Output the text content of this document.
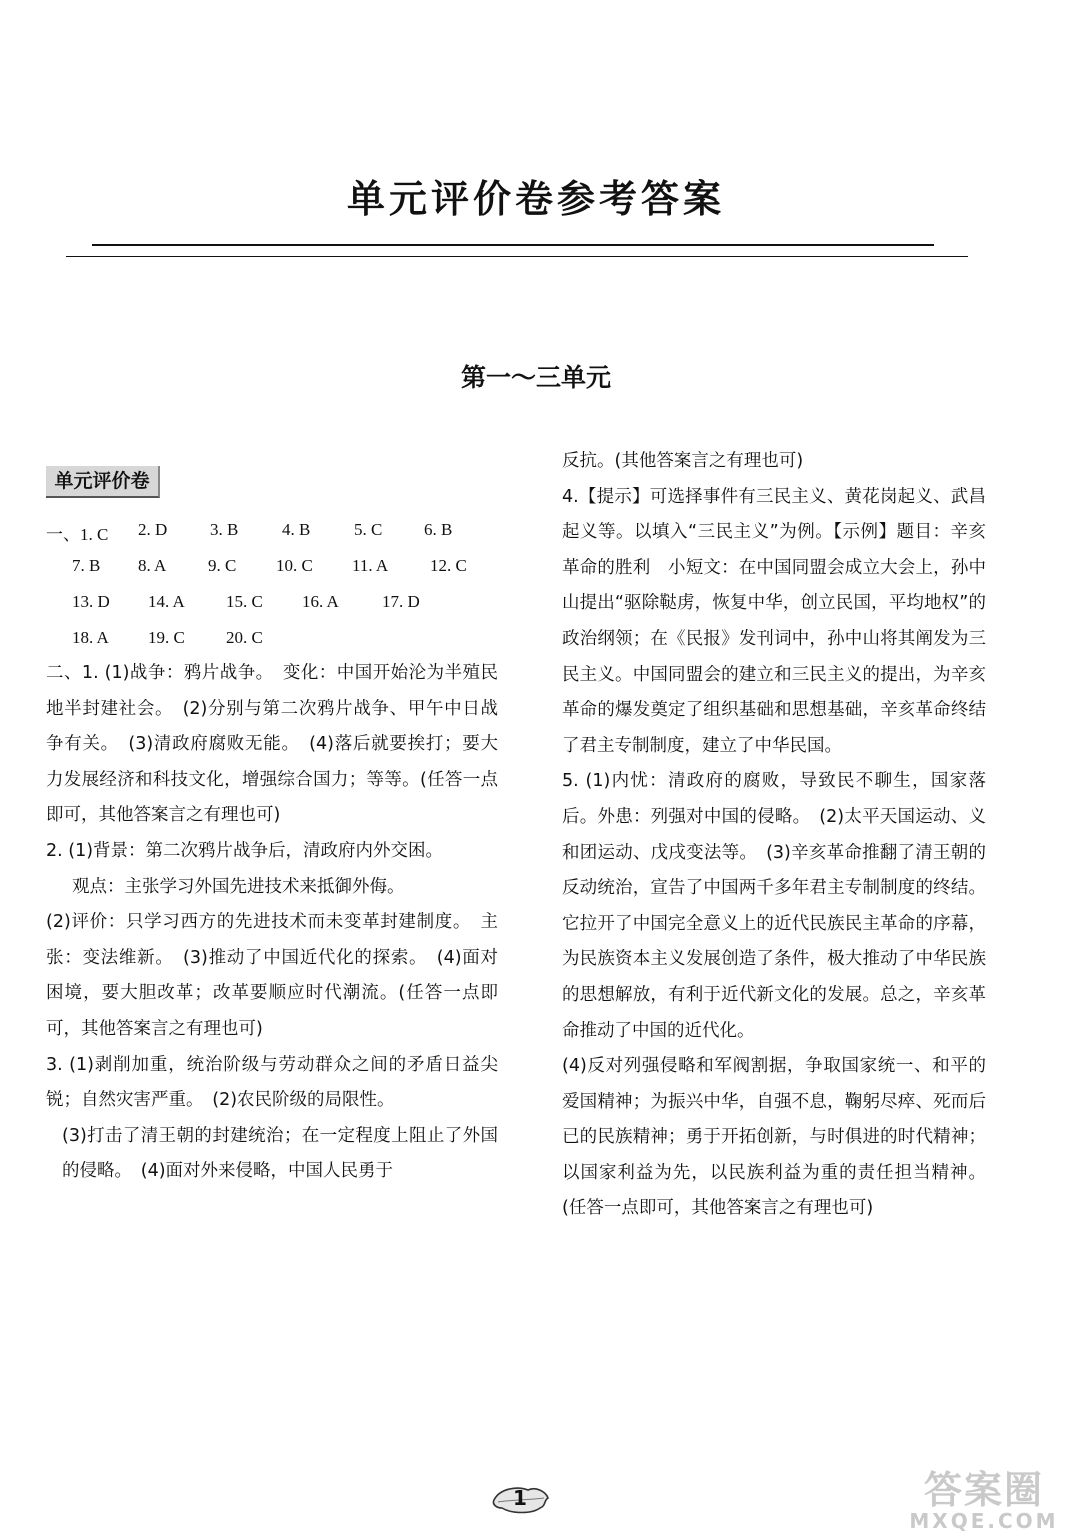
单元评价卷参考答案
第一～三单元
单元评价卷
一、1. C 2. D	3. B	4. B	5. C 6. B
7. B 8. A 9. C 10. C 11. A 12. C
13. D 14. A 15. C 16. A	17. D
18. A 19. C 20. C

二、1. (1)战争：鸦片战争。　变化：中国开始沦为半殖民地半封建社会。　(2)分别与第二次鸦片战争、甲午中日战争有关。　(3)清政府腐败无能。　(4)落后就要挨打；要大力发展经济和科技文化，增强综合国力；等等。(任答一点即可，其他答案言之有理也可)

2. (1)背景：第二次鸦片战争后，清政府内外交困。

观点：主张学习外国先进技术来抵御外侮。

(2)评价：只学习西方的先进技术而未变革封建制度。　主张：变法维新。　(3)推动了中国近代化的探索。　(4)面对困境，要大胆改革；改革要顺应时代潮流。(任答一点即可，其他答案言之有理也可)

3. (1)剥削加重，统治阶级与劳动群众之间的矛盾日益尖锐；自然灾害严重。　(2)农民阶级的局限性。

(3)打击了清王朝的封建统治；在一定程度上阻止了外国的侵略。　(4)面对外来侵略，中国人民勇于

反抗。(其他答案言之有理也可)

4.【提示】可选择事件有三民主义、黄花岗起义、武昌起义等。以填入“三民主义”为例。【示例】题目：辛亥革命的胜利　小短文：在中国同盟会成立大会上，孙中山提出“驱除鞑虏，恢复中华，创立民国，平均地权”的政治纲领；在《民报》发刊词中，孙中山将其阐发为三民主义。中国同盟会的建立和三民主义的提出，为辛亥革命的爆发奠定了组织基础和思想基础，辛亥革命终结了君主专制制度，建立了中华民国。

5. (1)内忧：清政府的腐败，导致民不聊生，国家落后。外患：列强对中国的侵略。　(2)太平天国运动、义和团运动、戊戌变法等。　(3)辛亥革命推翻了清王朝的反动统治，宣告了中国两千多年君主专制制度的终结。它拉开了中国完全意义上的近代民族民主革命的序幕，为民族资本主义发展创造了条件，极大推动了中华民族的思想解放，有利于近代新文化的发展。总之，辛亥革命推动了中国的近代化。

(4)反对列强侵略和军阀割据，争取国家统一、和平的爱国精神；为振兴中华，自强不息，鞠躬尽瘁、死而后已的民族精神；勇于开拓创新，与时俱进的时代精神；以国家利益为先，以民族利益为重的责任担当精神。(任答一点即可，其他答案言之有理也可)

1	答案圈
MXQE.COM
